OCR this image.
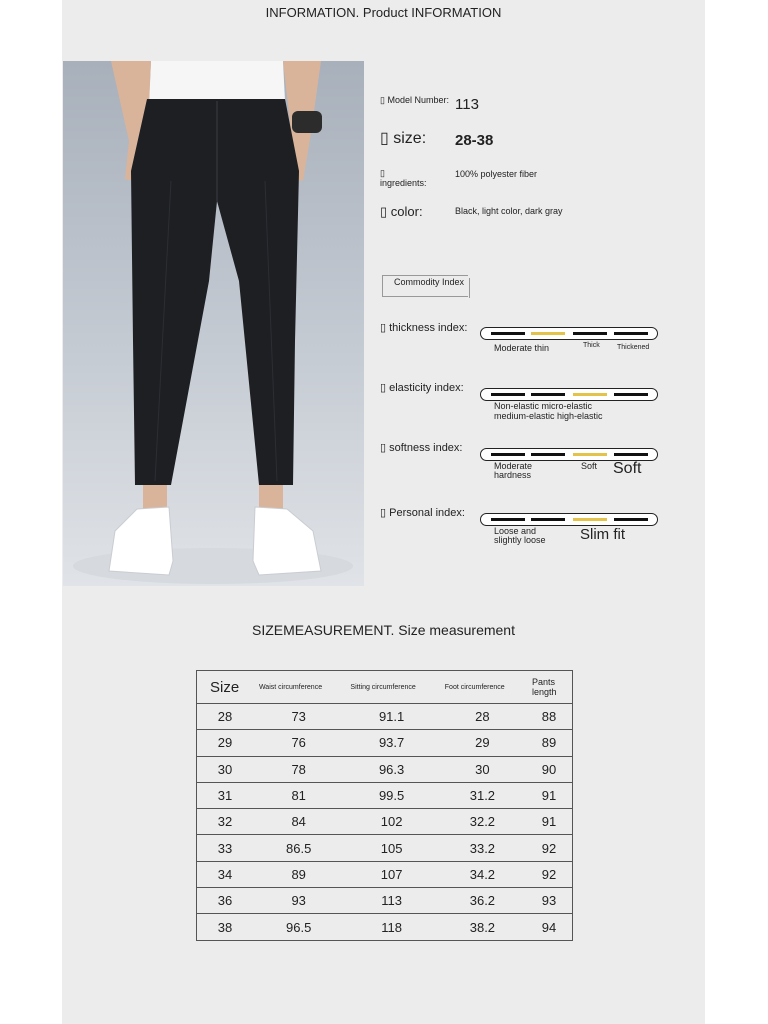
INFORMATION. Product INFORMATION
▯ Model Number: 113
▯ size: 28-38
▯
ingredients:
100% polyester fiber
▯ color:	Black, light color, dark gray
Commodity Index
▯ thickness index:
Moderate thin	Thick Thickened
▯ elasticity index:
Non-elastic micro-elastic
medium-elastic high-elastic
▯ softness index:
Moderate hardness
Soft Soft
▯ Personal index:
Loose and slightly loose	Slim fit
SIZEMEASUREMENT. Size measurement
Size	Waist circumference	Sitting circumference	Foot circumference	Pants length
28	73	91.1	28	88
29	76	93.7	29	89
30	78	96.3	30	90
31	81	99.5	31.2	91
32	84	102	32.2	91
33	86.5	105	33.2	92
34	89	107	34.2	92
36	93	113	36.2	93
38	96.5	118	38.2	94
